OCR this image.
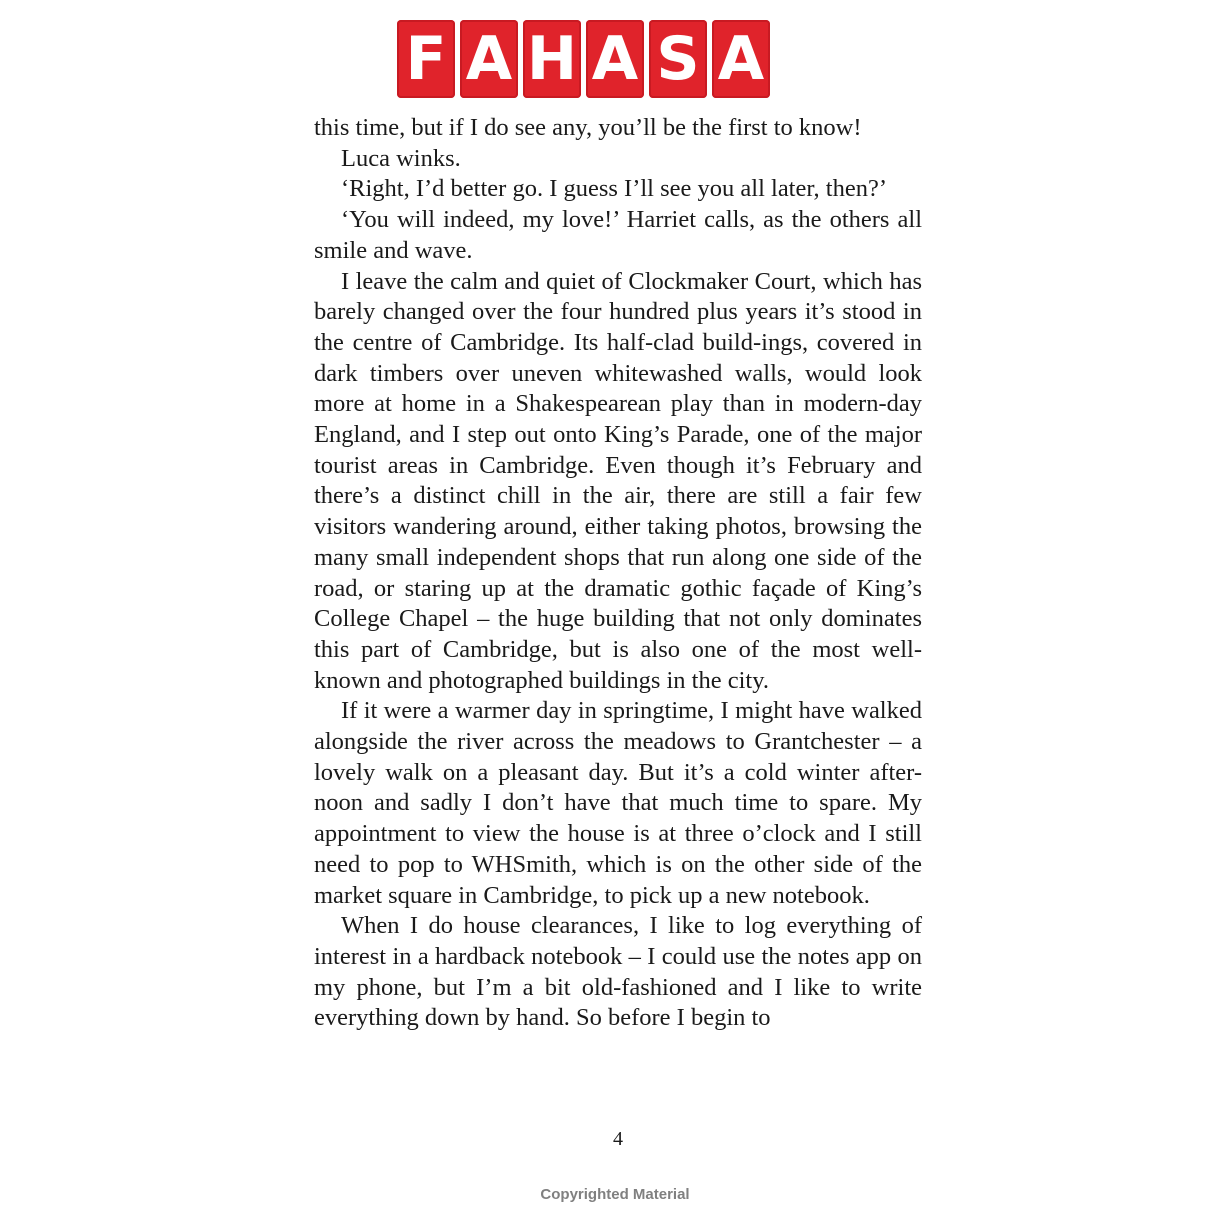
F A H A S A

this time, but if I do see any, you’ll be the first to know!

Luca winks.

‘Right, I’d better go. I guess I’ll see you all later, then?’

‘You will indeed, my love!’ Harriet calls, as the others all smile and wave.

I leave the calm and quiet of Clockmaker Court, which has barely changed over the four hundred plus years it’s stood in the centre of Cambridge. Its half-clad build-ings, covered in dark timbers over uneven whitewashed walls, would look more at home in a Shakespearean play than in modern-day England, and I step out onto King’s Parade, one of the major tourist areas in Cambridge. Even though it’s February and there’s a distinct chill in the air, there are still a fair few visitors wandering around, either taking photos, browsing the many small independent shops that run along one side of the road, or staring up at the dramatic gothic façade of King’s College Chapel – the huge building that not only dominates this part of Cambridge, but is also one of the most well-known and photographed buildings in the city.

If it were a warmer day in springtime, I might have walked alongside the river across the meadows to Grantchester – a lovely walk on a pleasant day. But it’s a cold winter after-noon and sadly I don’t have that much time to spare. My appointment to view the house is at three o’clock and I still need to pop to WHSmith, which is on the other side of the market square in Cambridge, to pick up a new notebook.

When I do house clearances, I like to log everything of interest in a hardback notebook – I could use the notes app on my phone, but I’m a bit old-fashioned and I like to write everything down by hand. So before I begin to

4
Copyrighted Material
